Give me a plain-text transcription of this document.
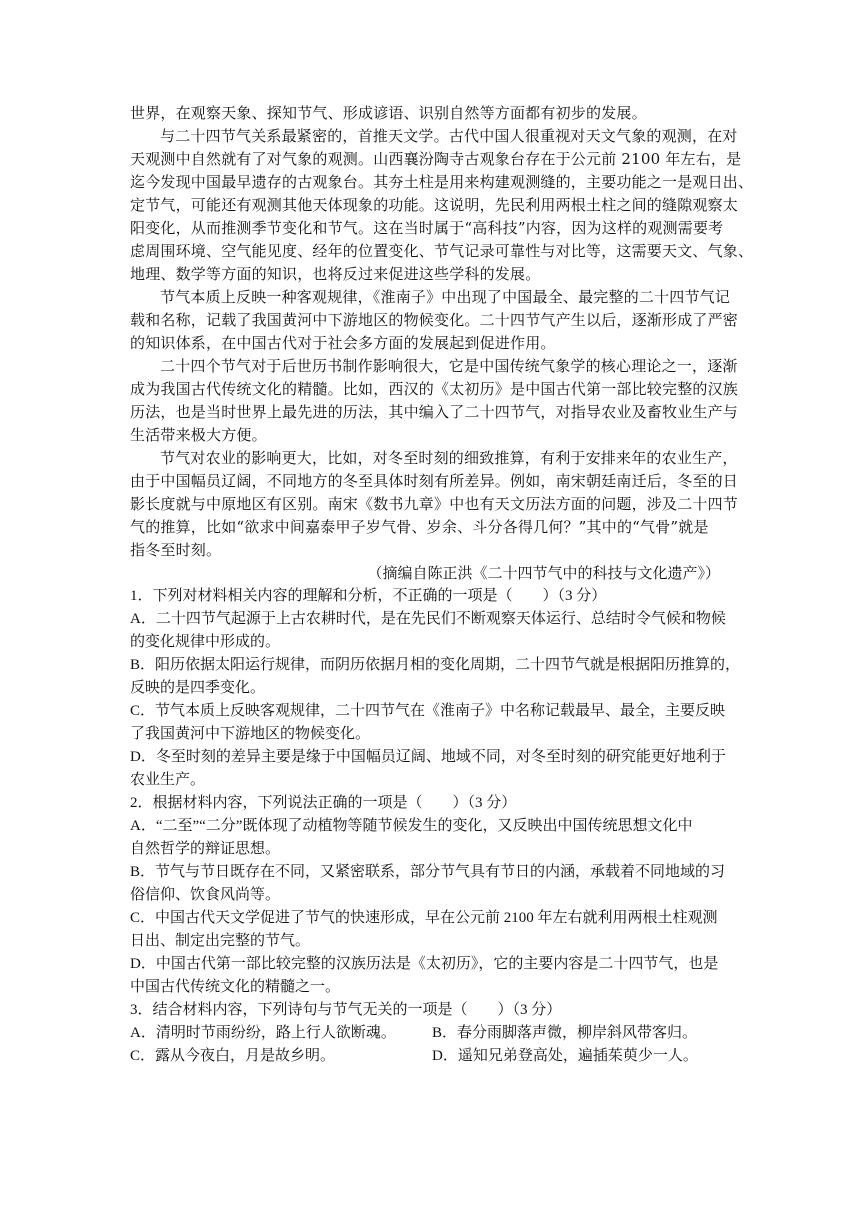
世界，在观察天象、探知节气、形成谚语、识别自然等方面都有初步的发展。
与二十四节气关系最紧密的，首推天文学。古代中国人很重视对天文气象的观测，在对
天观测中自然就有了对气象的观测。山西襄汾陶寺古观象台存在于公元前 2100 年左右，是
迄今发现中国最早遗存的古观象台。其夯土柱是用来构建观测缝的，主要功能之一是观日出、
定节气，可能还有观测其他天体现象的功能。这说明，先民利用两根土柱之间的缝隙观察太
阳变化，从而推测季节变化和节气。这在当时属于“高科技”内容，因为这样的观测需要考
虑周围环境、空气能见度、经年的位置变化、节气记录可靠性与对比等，这需要天文、气象、
地理、数学等方面的知识，也将反过来促进这些学科的发展。
节气本质上反映一种客观规律，《淮南子》中出现了中国最全、最完整的二十四节气记
载和名称，记载了我国黄河中下游地区的物候变化。二十四节气产生以后，逐渐形成了严密
的知识体系，在中国古代对于社会多方面的发展起到促进作用。
二十四个节气对于后世历书制作影响很大，它是中国传统气象学的核心理论之一，逐渐
成为我国古代传统文化的精髓。比如，西汉的《太初历》是中国古代第一部比较完整的汉族
历法，也是当时世界上最先进的历法，其中编入了二十四节气，对指导农业及畜牧业生产与
生活带来极大方便。
节气对农业的影响更大，比如，对冬至时刻的细致推算，有利于安排来年的农业生产，
由于中国幅员辽阔，不同地方的冬至具体时刻有所差异。例如，南宋朝廷南迁后，冬至的日
影长度就与中原地区有区别。南宋《数书九章》中也有天文历法方面的问题，涉及二十四节
气的推算，比如“欲求中间嘉泰甲子岁气骨、岁余、斗分各得几何？”其中的“气骨”就是
指冬至时刻。
（摘编自陈正洪《二十四节气中的科技与文化遗产》）
1．下列对材料相关内容的理解和分析，不正确的一项是（　　）（3 分）
A．二十四节气起源于上古农耕时代，是在先民们不断观察天体运行、总结时令气候和物候
的变化规律中形成的。
B．阳历依据太阳运行规律，而阴历依据月相的变化周期，二十四节气就是根据阳历推算的，
反映的是四季变化。
C．节气本质上反映客观规律，二十四节气在《淮南子》中名称记载最早、最全，主要反映
了我国黄河中下游地区的物候变化。
D．冬至时刻的差异主要是缘于中国幅员辽阔、地域不同，对冬至时刻的研究能更好地利于
农业生产。
2．根据材料内容，下列说法正确的一项是（　　）（3 分）
A．“二至”“二分”既体现了动植物等随节候发生的变化，又反映出中国传统思想文化中
自然哲学的辩证思想。
B．节气与节日既存在不同，又紧密联系，部分节气具有节日的内涵，承载着不同地域的习
俗信仰、饮食风尚等。
C．中国古代天文学促进了节气的快速形成，早在公元前 2100 年左右就利用两根土柱观测
日出、制定出完整的节气。
D．中国古代第一部比较完整的汉族历法是《太初历》，它的主要内容是二十四节气，也是
中国古代传统文化的精髓之一。
3．结合材料内容，下列诗句与节气无关的一项是（　　）（3 分）
A．清明时节雨纷纷，路上行人欲断魂。	B．春分雨脚落声微，柳岸斜风带客归。
C．露从今夜白，月是故乡明。	D．遥知兄弟登高处，遍插茱萸少一人。
